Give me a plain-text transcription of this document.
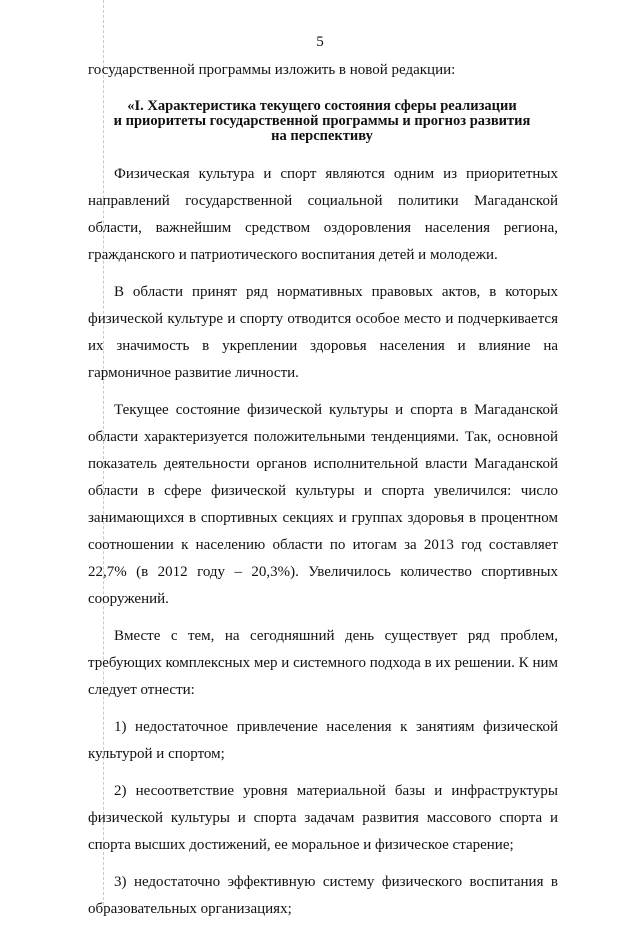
5
государственной программы изложить в новой редакции:
«I. Характеристика текущего состояния сферы реализации
и приоритеты государственной программы и прогноз развития
на перспективу

Физическая культура и спорт являются одним из приоритетных направлений государственной социальной политики Магаданской области, важнейшим средством оздоровления населения региона, гражданского и патриотического воспитания детей и молодежи.

В области принят ряд нормативных правовых актов, в которых физической культуре и спорту отводится особое место и подчеркивается их значимость в укреплении здоровья населения и влияние на гармоничное развитие личности.

Текущее состояние физической культуры и спорта в Магаданской области характеризуется положительными тенденциями. Так, основной показатель деятельности органов исполнительной власти Магаданской области в сфере физической культуры и спорта увеличился: число занимающихся в спортивных секциях и группах здоровья в процентном соотношении к населению области по итогам за 2013 год составляет 22,7% (в 2012 году – 20,3%). Увеличилось количество спортивных сооружений.

Вместе с тем, на сегодняшний день существует ряд проблем, требующих комплексных мер и системного подхода в их решении. К ним следует отнести:

1) недостаточное привлечение населения к занятиям физической культурой и спортом;

2) несоответствие уровня материальной базы и инфраструктуры физической культуры и спорта задачам развития массового спорта и спорта высших достижений, ее моральное и физическое старение;

3) недостаточно эффективную систему физического воспитания в образовательных организациях;
